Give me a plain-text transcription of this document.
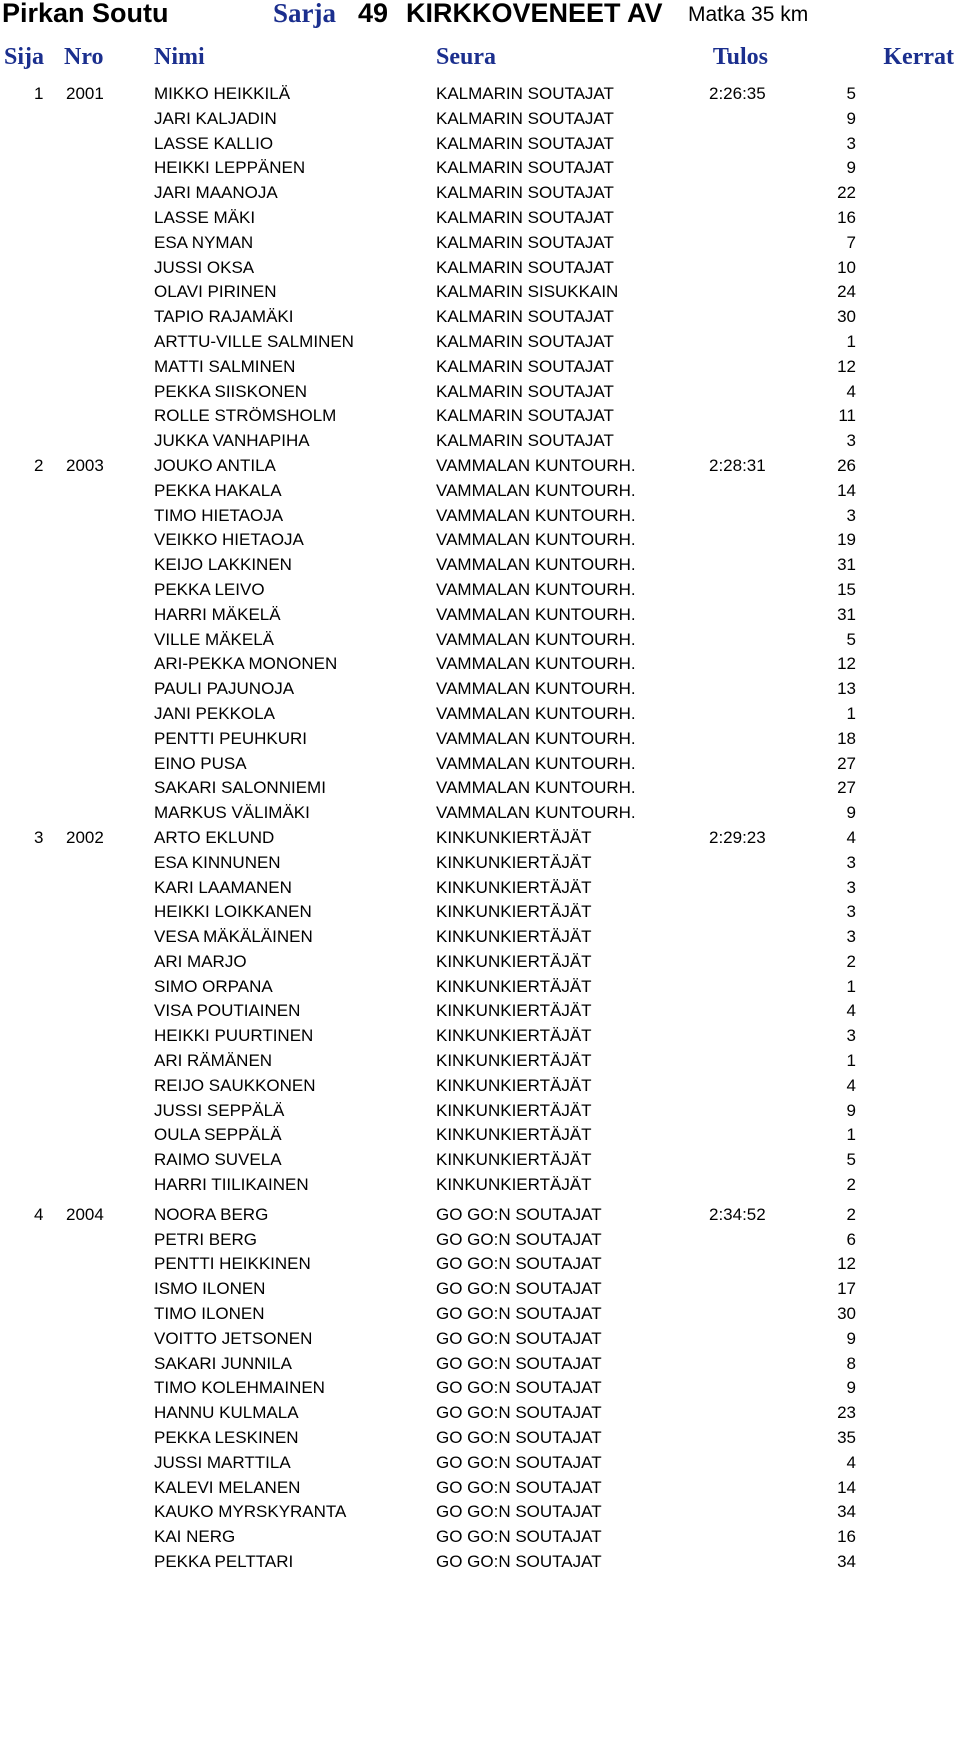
Pirkan Soutu	Sarja 49 KIRKKOVENEET AV Matka 35 km
Sija Nro Nimi	Seura	Tulos	Kerrat
1 2001	MIKKO HEIKKILÄ	KALMARIN SOUTAJAT	2:26:35	5
JARI KALJADIN	KALMARIN SOUTAJAT	9
LASSE KALLIO	KALMARIN SOUTAJAT	3
HEIKKI LEPPÄNEN	KALMARIN SOUTAJAT	9
JARI MAANOJA	KALMARIN SOUTAJAT	22
LASSE MÄKI	KALMARIN SOUTAJAT	16
ESA NYMAN	KALMARIN SOUTAJAT	7
JUSSI OKSA	KALMARIN SOUTAJAT	10
OLAVI PIRINEN	KALMARIN SISUKKAIN	24
TAPIO RAJAMÄKI	KALMARIN SOUTAJAT	30
ARTTU-VILLE SALMINEN	KALMARIN SOUTAJAT	1
MATTI SALMINEN	KALMARIN SOUTAJAT	12
PEKKA SIISKONEN	KALMARIN SOUTAJAT	4
ROLLE STRÖMSHOLM	KALMARIN SOUTAJAT	11
JUKKA VANHAPIHA	KALMARIN SOUTAJAT	3
2 2003	JOUKO ANTILA	VAMMALAN KUNTOURH.	2:28:31	26
PEKKA HAKALA	VAMMALAN KUNTOURH.	14
TIMO HIETAOJA	VAMMALAN KUNTOURH.	3
VEIKKO HIETAOJA	VAMMALAN KUNTOURH.	19
KEIJO LAKKINEN	VAMMALAN KUNTOURH.	31
PEKKA LEIVO	VAMMALAN KUNTOURH.	15
HARRI MÄKELÄ	VAMMALAN KUNTOURH.	31
VILLE MÄKELÄ	VAMMALAN KUNTOURH.	5
ARI-PEKKA MONONEN	VAMMALAN KUNTOURH.	12
PAULI PAJUNOJA	VAMMALAN KUNTOURH.	13
JANI PEKKOLA	VAMMALAN KUNTOURH.	1
PENTTI PEUHKURI	VAMMALAN KUNTOURH.	18
EINO PUSA	VAMMALAN KUNTOURH.	27
SAKARI SALONNIEMI	VAMMALAN KUNTOURH.	27
MARKUS VÄLIMÄKI	VAMMALAN KUNTOURH.	9
3 2002	ARTO EKLUND	KINKUNKIERTÄJÄT	2:29:23	4
ESA KINNUNEN	KINKUNKIERTÄJÄT	3
KARI LAAMANEN	KINKUNKIERTÄJÄT	3
HEIKKI LOIKKANEN	KINKUNKIERTÄJÄT	3
VESA MÄKÄLÄINEN	KINKUNKIERTÄJÄT	3
ARI MARJO	KINKUNKIERTÄJÄT	2
SIMO ORPANA	KINKUNKIERTÄJÄT	1
VISA POUTIAINEN	KINKUNKIERTÄJÄT	4
HEIKKI PUURTINEN	KINKUNKIERTÄJÄT	3
ARI RÄMÄNEN	KINKUNKIERTÄJÄT	1
REIJO SAUKKONEN	KINKUNKIERTÄJÄT	4
JUSSI SEPPÄLÄ	KINKUNKIERTÄJÄT	9
OULA SEPPÄLÄ	KINKUNKIERTÄJÄT	1
RAIMO SUVELA	KINKUNKIERTÄJÄT	5
HARRI TIILIKAINEN	KINKUNKIERTÄJÄT	2
4 2004	NOORA BERG	GO GO:N SOUTAJAT	2:34:52	2
PETRI BERG	GO GO:N SOUTAJAT	6
PENTTI HEIKKINEN	GO GO:N SOUTAJAT	12
ISMO ILONEN	GO GO:N SOUTAJAT	17
TIMO ILONEN	GO GO:N SOUTAJAT	30
VOITTO JETSONEN	GO GO:N SOUTAJAT	9
SAKARI JUNNILA	GO GO:N SOUTAJAT	8
TIMO KOLEHMAINEN	GO GO:N SOUTAJAT	9
HANNU KULMALA	GO GO:N SOUTAJAT	23
PEKKA LESKINEN	GO GO:N SOUTAJAT	35
JUSSI MARTTILA	GO GO:N SOUTAJAT	4
KALEVI MELANEN	GO GO:N SOUTAJAT	14
KAUKO MYRSKYRANTA	GO GO:N SOUTAJAT	34
KAI NERG	GO GO:N SOUTAJAT	16
PEKKA PELTTARI	GO GO:N SOUTAJAT	34
